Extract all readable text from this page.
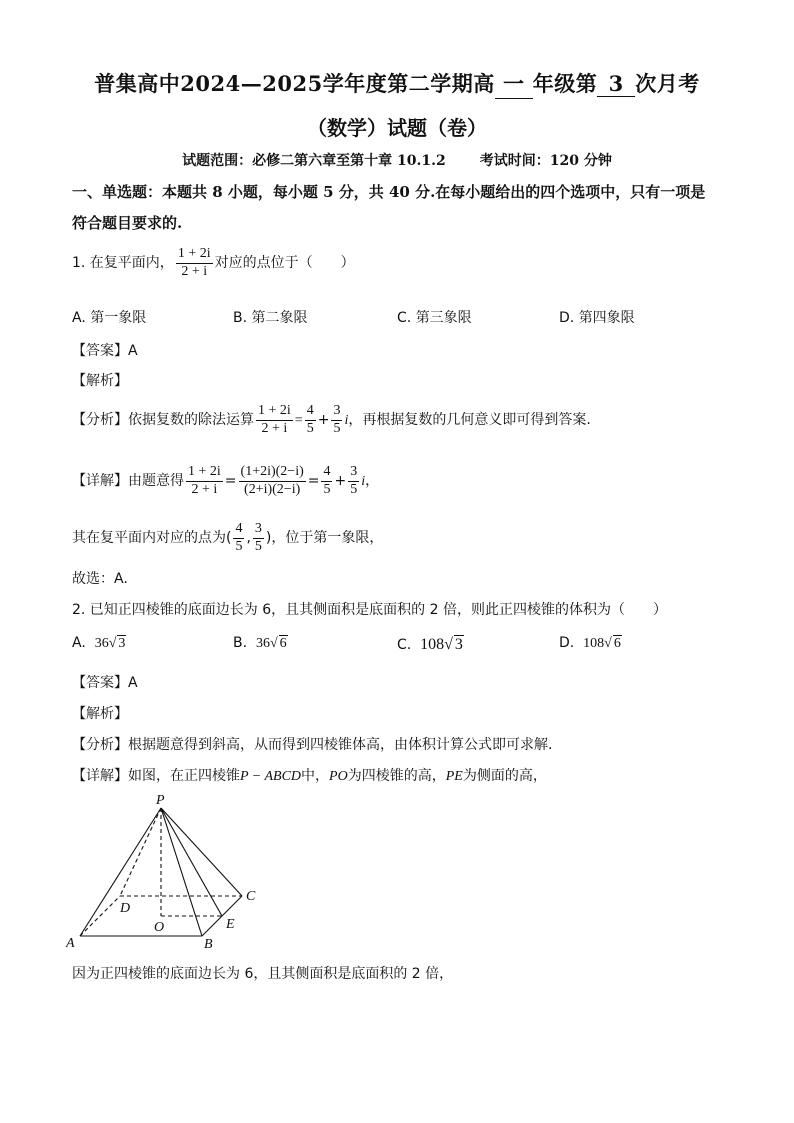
普集高中2024—2025学年度第二学期高 一 年级第 3 次月考
（数学）试题（卷）
试题范围：必修二第六章至第十章 10.1.2 考试时间：120 分钟
一、单选题：本题共 8 小题，每小题 5 分，共 40 分.在每小题给出的四个选项中，只有一项是
符合题目要求的.
1. 在复平面内， $\frac{1 + 2i}{2 + i}$ 对应的点位于（　　）
A. 第一象限	B. 第二象限	C. 第三象限	D. 第四象限
【答案】A
【解析】
【分析】依据复数的除法运算 $\frac{1 + 2i}{2 + i} = \frac{4}{5} + \frac{3}{5}$ i，再根据复数的几何意义即可得到答案.
【详解】由题意得 $\frac{1 + 2i}{2 + i} = \frac{(1+2i)(2-i)}{(2+i)(2-i)} = \frac{4}{5} + \frac{3}{5}$ i，
其在复平面内对应的点为( $\frac{4}{5}$ , $\frac{3}{5}$ )，位于第一象限，
故选：A.
2. 已知正四棱锥的底面边长为 6，且其侧面积是底面积的 2 倍，则此正四棱锥的体积为（　　）
A. 36√ 3	B. 36√ 6	C. 108√ 3	D. 108√ 6
【答案】A
【解析】
【分析】根据题意得到斜高，从而得到四棱锥体高，由体积计算公式即可求解.
【详解】如图，在正四棱锥P − ABCD中，PO为四棱锥的高，PE为侧面的高，
P
A	B
C
D
O	E
因为正四棱锥的底面边长为 6，且其侧面积是底面积的 2 倍，
